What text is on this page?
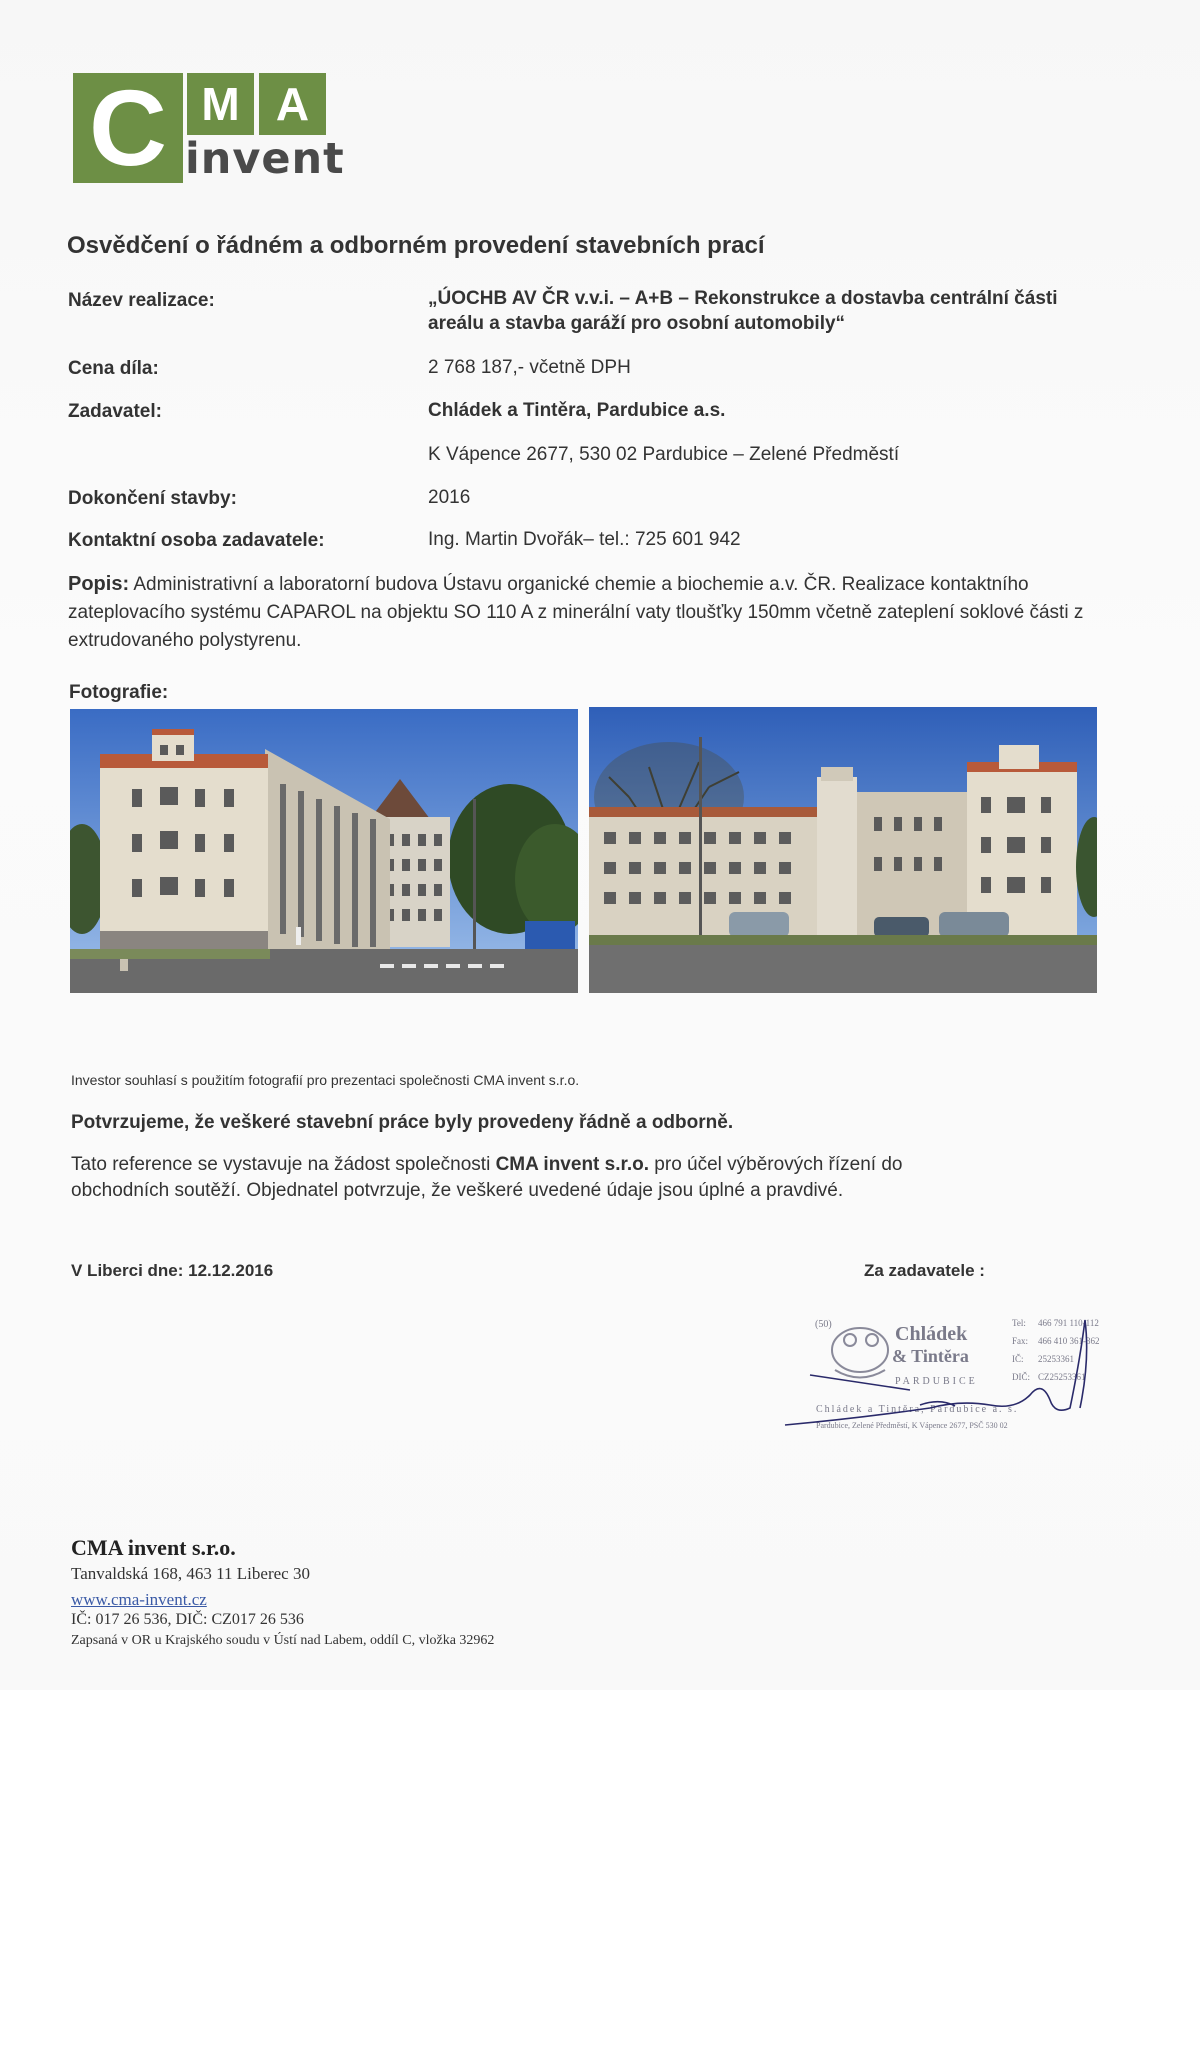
C M A
invent
Osvědčení o řádném a odborném provedení stavebních prací
Název realizace:	„ÚOCHB AV ČR v.v.i. – A+B – Rekonstrukce a dostavba centrální části
areálu a stavba garáží pro osobní automobily“
Cena díla:	2 768 187,- včetně DPH
Zadavatel:	Chládek a Tintěra, Pardubice a.s.
K Vápence 2677, 530 02 Pardubice – Zelené Předměstí
Dokončení stavby:	2016
Kontaktní osoba zadavatele:	Ing. Martin Dvořák– tel.: 725 601 942
Popis: Administrativní a laboratorní budova Ústavu organické chemie a biochemie a.v. ČR. Realizace kontaktního zateplovacího systému CAPAROL na objektu SO 110 A z minerální vaty tloušťky 150mm včetně zateplení soklové části z extrudovaného polystyrenu.
Fotografie:
Investor souhlasí s použitím fotografií pro prezentaci společnosti CMA invent s.r.o.
Potvrzujeme, že veškeré stavební práce byly provedeny řádně a odborně.
Tato reference se vystavuje na žádost společnosti CMA invent s.r.o. pro účel výběrových řízení do obchodních soutěží. Objednatel potvrzuje, že veškeré uvedené údaje jsou úplné a pravdivé.
V Liberci dne: 12.12.2016	Za zadavatele :
(50)	Chládek
& Tintěra
PARDUBICE
Tel: 466 791 110-112
Fax: 466 410 361-362
IČ: 25253361
DIČ: CZ25253361
Chládek a Tintěra, Pardubice a. s.
Pardubice, Zelené Předměstí, K Vápence 2677, PSČ 530 02
CMA invent s.r.o.
Tanvaldská 168, 463 11 Liberec 30
www.cma-invent.cz
IČ: 017 26 536, DIČ: CZ017 26 536
Zapsaná v OR u Krajského soudu v Ústí nad Labem, oddíl C, vložka 32962
